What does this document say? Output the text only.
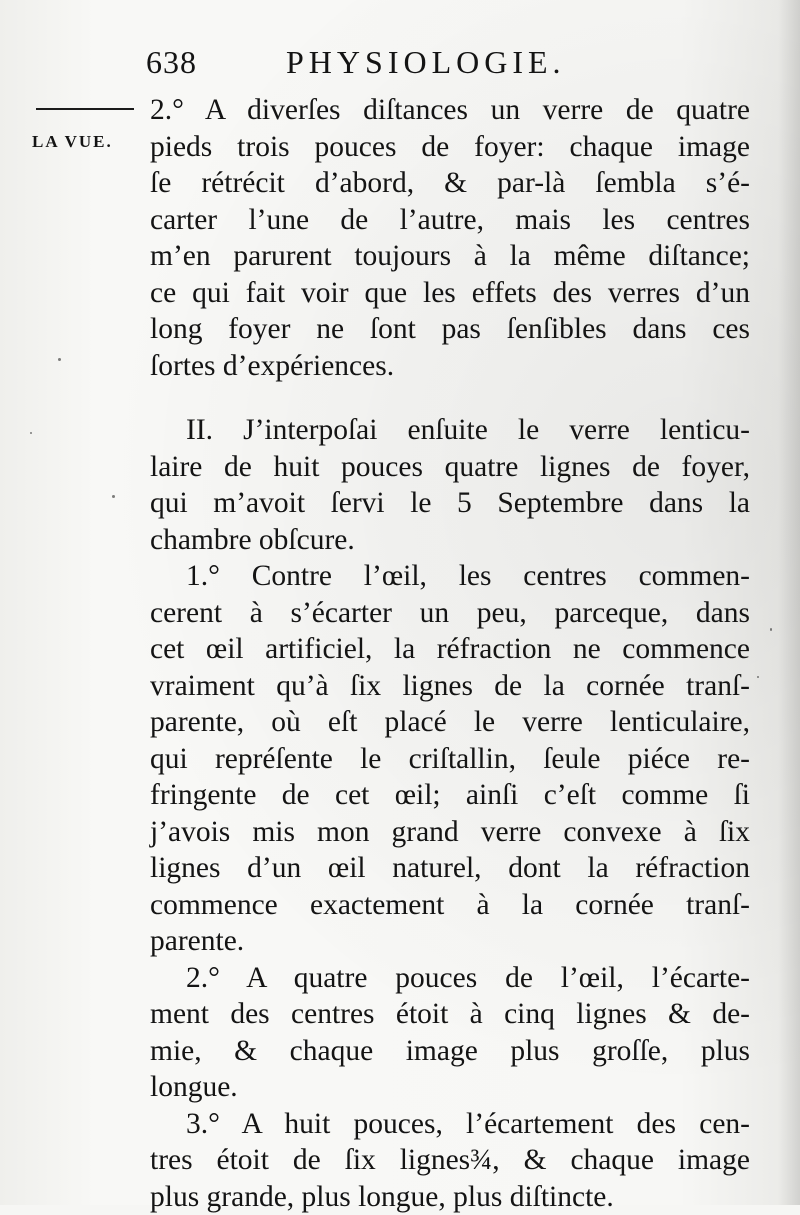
638	PHYSIOLOGIE.
LA VUE.
2.° A diverſes diſtances un verre de quatre
pieds trois pouces de foyer: chaque image
ſe rétrécit d’abord, & par-là ſembla s’é-
carter l’une de l’autre, mais les centres
m’en parurent toujours à la même diſtance;
ce qui fait voir que les effets des verres d’un
long foyer ne ſont pas ſenſibles dans ces
ſortes d’expériences.
II. J’interpoſai enſuite le verre lenticu-
laire de huit pouces quatre lignes de foyer,
qui m’avoit ſervi le 5 Septembre dans la
chambre obſcure.
1.° Contre l’œil, les centres commen-
cerent à s’écarter un peu, parceque, dans
cet œil artificiel, la réfraction ne commence
vraiment qu’à ſix lignes de la cornée tranſ-
parente, où eſt placé le verre lenticulaire,
qui repréſente le criſtallin, ſeule piéce re-
fringente de cet œil; ainſi c’eſt comme ſi
j’avois mis mon grand verre convexe à ſix
lignes d’un œil naturel, dont la réfraction
commence exactement à la cornée tranſ-
parente.
2.° A quatre pouces de l’œil, l’écarte-
ment des centres étoit à cinq lignes & de-
mie, & chaque image plus groſſe, plus
longue.
3.° A huit pouces, l’écartement des cen-
tres étoit de ſix lignes¾, & chaque image
plus grande, plus longue, plus diſtincte.
